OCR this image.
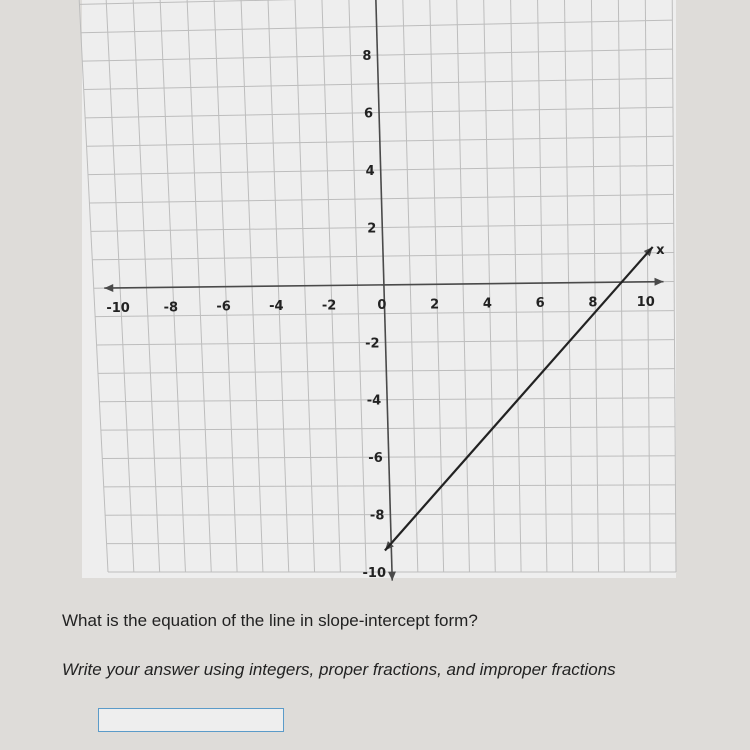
-10	-8	-6	-4	-2	0	2	4	6	8	10
8
6
4
2
-2
-4
-6
-8
-10
x
What is the equation of the line in slope-intercept form?
Write your answer using integers, proper fractions, and improper fractions
